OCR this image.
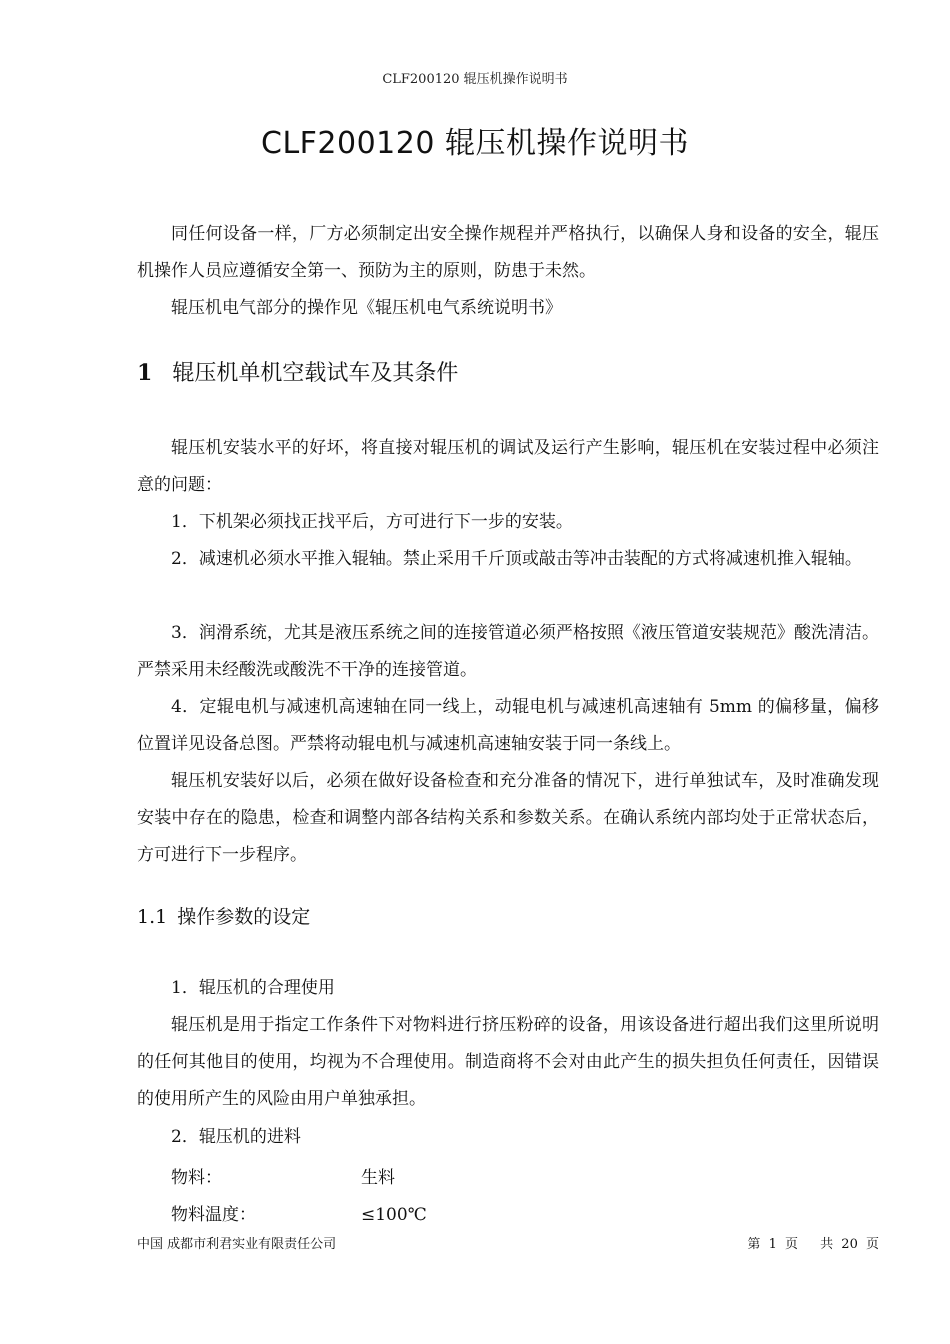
CLF200120 辊压机操作说明书
CLF200120 辊压机操作说明书
同任何设备一样，厂方必须制定出安全操作规程并严格执行，以确保人身和设备的安全，辊压机操作人员应遵循安全第一、预防为主的原则，防患于未然。
辊压机电气部分的操作见《辊压机电气系统说明书》
1 辊压机单机空载试车及其条件
辊压机安装水平的好坏，将直接对辊压机的调试及运行产生影响，辊压机在安装过程中必须注意的问题：
1．下机架必须找正找平后，方可进行下一步的安装。
2．减速机必须水平推入辊轴。禁止采用千斤顶或敲击等冲击装配的方式将减速机推入辊轴。
3．润滑系统，尤其是液压系统之间的连接管道必须严格按照《液压管道安装规范》酸洗清洁。严禁采用未经酸洗或酸洗不干净的连接管道。
4．定辊电机与减速机高速轴在同一线上，动辊电机与减速机高速轴有 5mm 的偏移量，偏移位置详见设备总图。严禁将动辊电机与减速机高速轴安装于同一条线上。
辊压机安装好以后，必须在做好设备检查和充分准备的情况下，进行单独试车，及时准确发现安装中存在的隐患，检查和调整内部各结构关系和参数关系。在确认系统内部均处于正常状态后，方可进行下一步程序。
1.1 操作参数的设定
1．辊压机的合理使用
辊压机是用于指定工作条件下对物料进行挤压粉碎的设备，用该设备进行超出我们这里所说明的任何其他目的使用，均视为不合理使用。制造商将不会对由此产生的损失担负任何责任，因错误的使用所产生的风险由用户单独承担。
2．辊压机的进料
物料：	生料
物料温度：	≤100℃
中国 成都市利君实业有限责任公司	第 1 页 共 20 页
